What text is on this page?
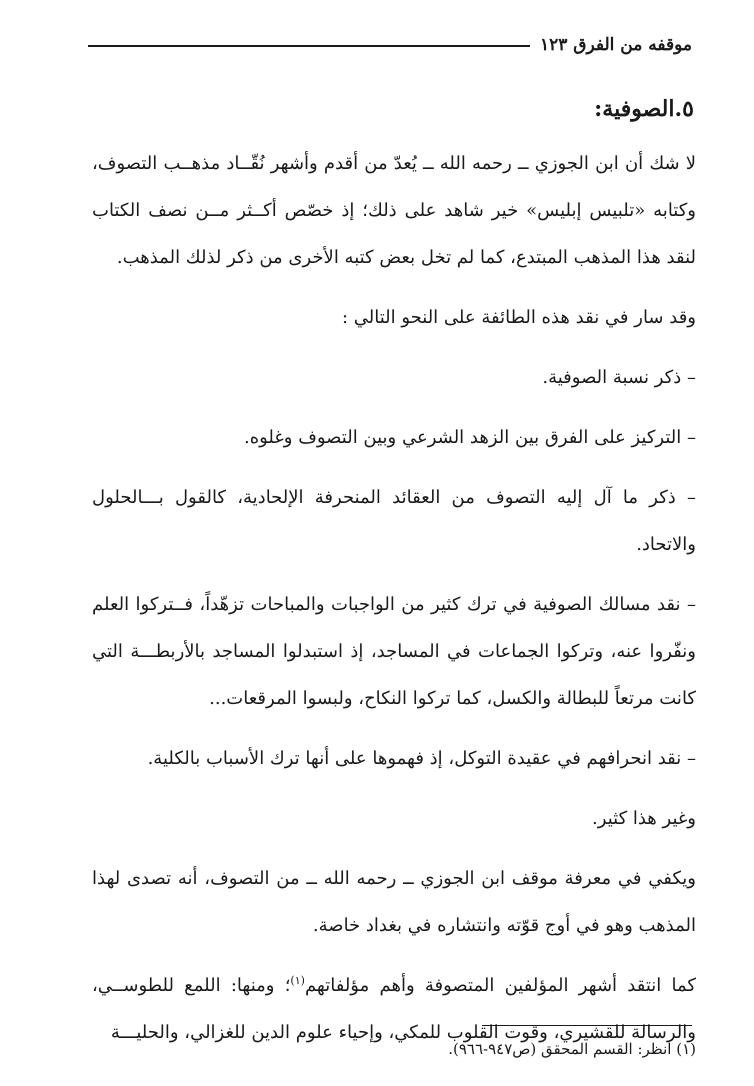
موقفه من الفرق ١٢٣
٥.الصوفية:

لا شك أن ابن الجوزي ــ رحمه الله ــ يُعدّ من أقدم وأشهر نُقّــاد مذهــب التصوف، وكتابه «تلبيس إبليس» خير شاهد على ذلك؛ إذ خصّص أكــثر مــن نصف الكتاب لنقد هذا المذهب المبتدع، كما لم تخل بعض كتبه الأخرى من ذكر لذلك المذهب.

وقد سار في نقد هذه الطائفة على النحو التالي :

– ذكر نسبة الصوفية.

– التركيز على الفرق بين الزهد الشرعي وبين التصوف وغلوه.

– ذكر ما آل إليه التصوف من العقائد المنحرفة الإلحادية، كالقول بـــالحلول والاتحاد.

– نقد مسالك الصوفية في ترك كثير من الواجبات والمباحات تزهّداً، فــتركوا العلم ونفّروا عنه، وتركوا الجماعات في المساجد، إذ استبدلوا المساجد بالأربطـــة التي كانت مرتعاً للبطالة والكسل، كما تركوا النكاح، ولبسوا المرقعات...

– نقد انحرافهم في عقيدة التوكل، إذ فهموها على أنها ترك الأسباب بالكلية.

وغير هذا كثير.

ويكفي في معرفة موقف ابن الجوزي ــ رحمه الله ــ من التصوف، أنه تصدى لهذا المذهب وهو في أوج قوّته وانتشاره في بغداد خاصة.

كما انتقد أشهر المؤلفين المتصوفة وأهم مؤلفاتهم$^{(١)}$؛ ومنها: اللمع للطوســي، والرسالة للقشيري، وقوت القلوب للمكي، وإحياء علوم الدين للغزالي، والحليـــة

(١) انظر: القسم المحقق (ص٩٤٧-٩٦٦).
